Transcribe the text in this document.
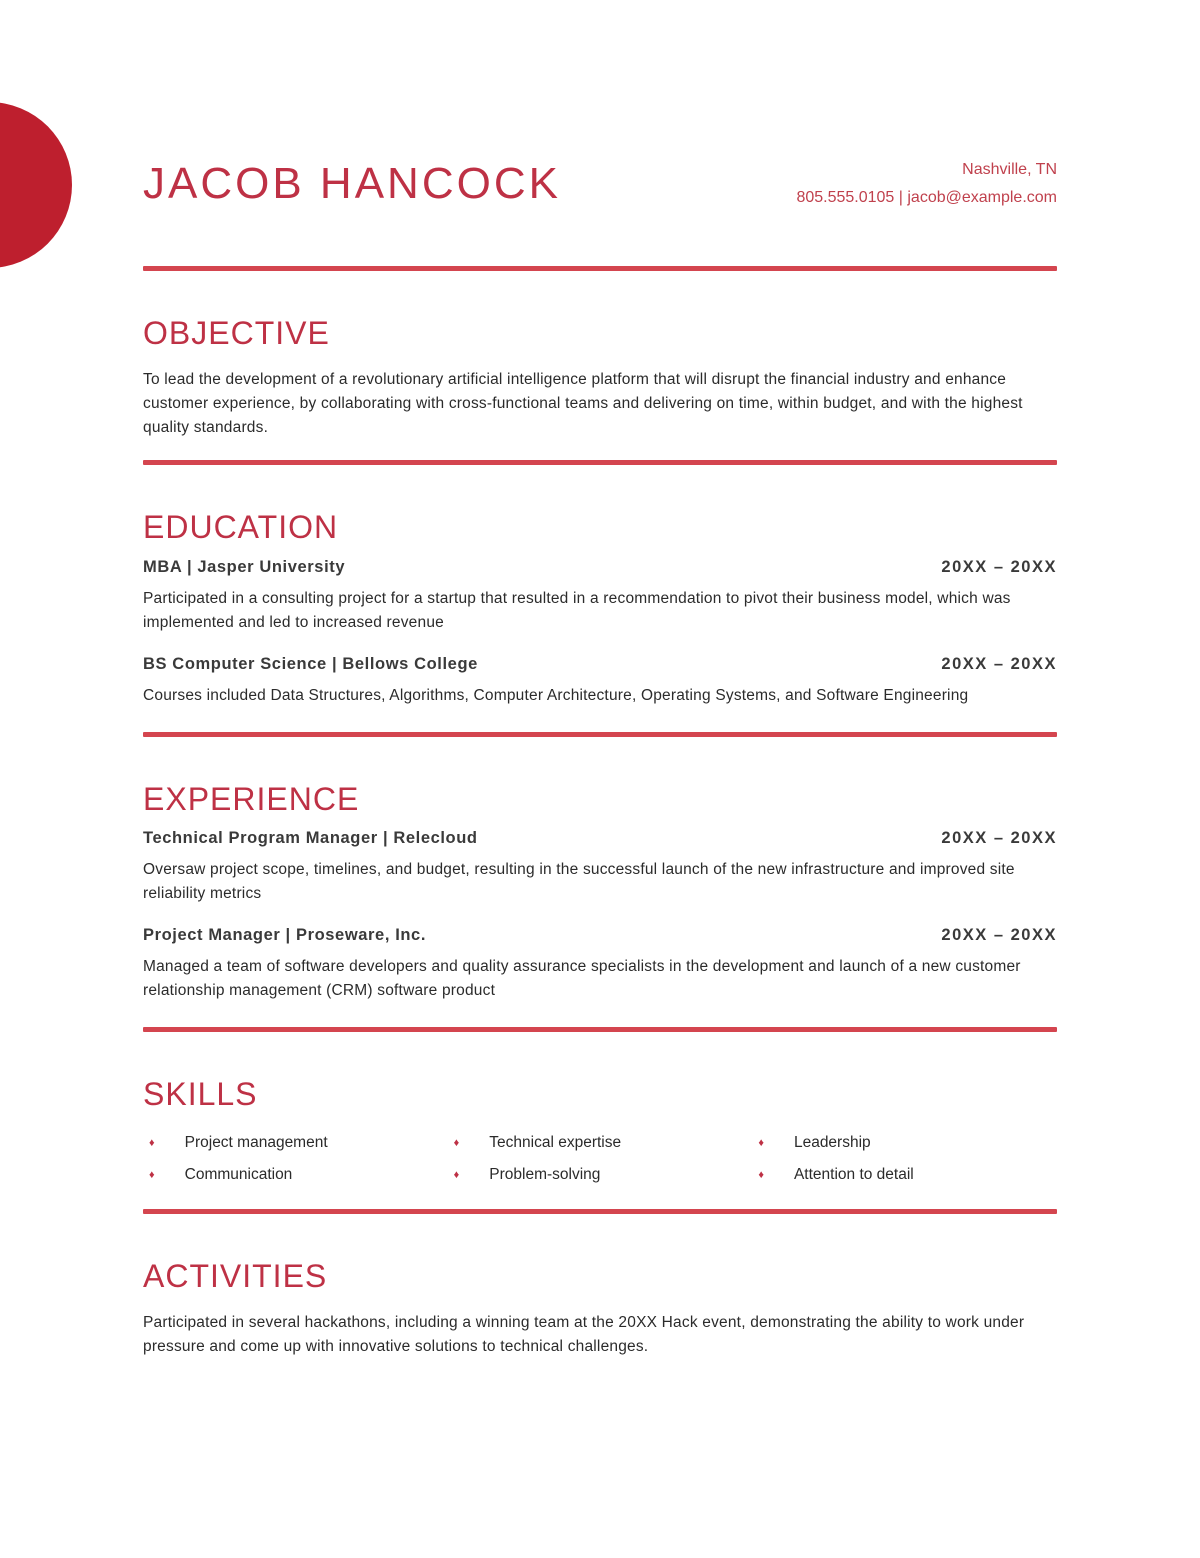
JACOB HANCOCK	Nashville, TN
805.555.0105 | jacob@example.com
OBJECTIVE

To lead the development of a revolutionary artificial intelligence platform that will disrupt the financial industry and enhance customer experience, by collaborating with cross-functional teams and delivering on time, within budget, and with the highest quality standards.

EDUCATION
MBA | Jasper University	20XX – 20XX

Participated in a consulting project for a startup that resulted in a recommendation to pivot their business model, which was implemented and led to increased revenue

BS Computer Science | Bellows College	20XX – 20XX

Courses included Data Structures, Algorithms, Computer Architecture, Operating Systems, and Software Engineering

EXPERIENCE
Technical Program Manager | Relecloud	20XX – 20XX

Oversaw project scope, timelines, and budget, resulting in the successful launch of the new infrastructure and improved site reliability metrics

Project Manager | Proseware, Inc.	20XX – 20XX

Managed a team of software developers and quality assurance specialists in the development and launch of a new customer relationship management (CRM) software product

SKILLS
♦ Project management	♦ Technical expertise	♦ Leadership
♦ Communication	♦ Problem-solving	♦ Attention to detail
ACTIVITIES

Participated in several hackathons, including a winning team at the 20XX Hack event, demonstrating the ability to work under pressure and come up with innovative solutions to technical challenges.
